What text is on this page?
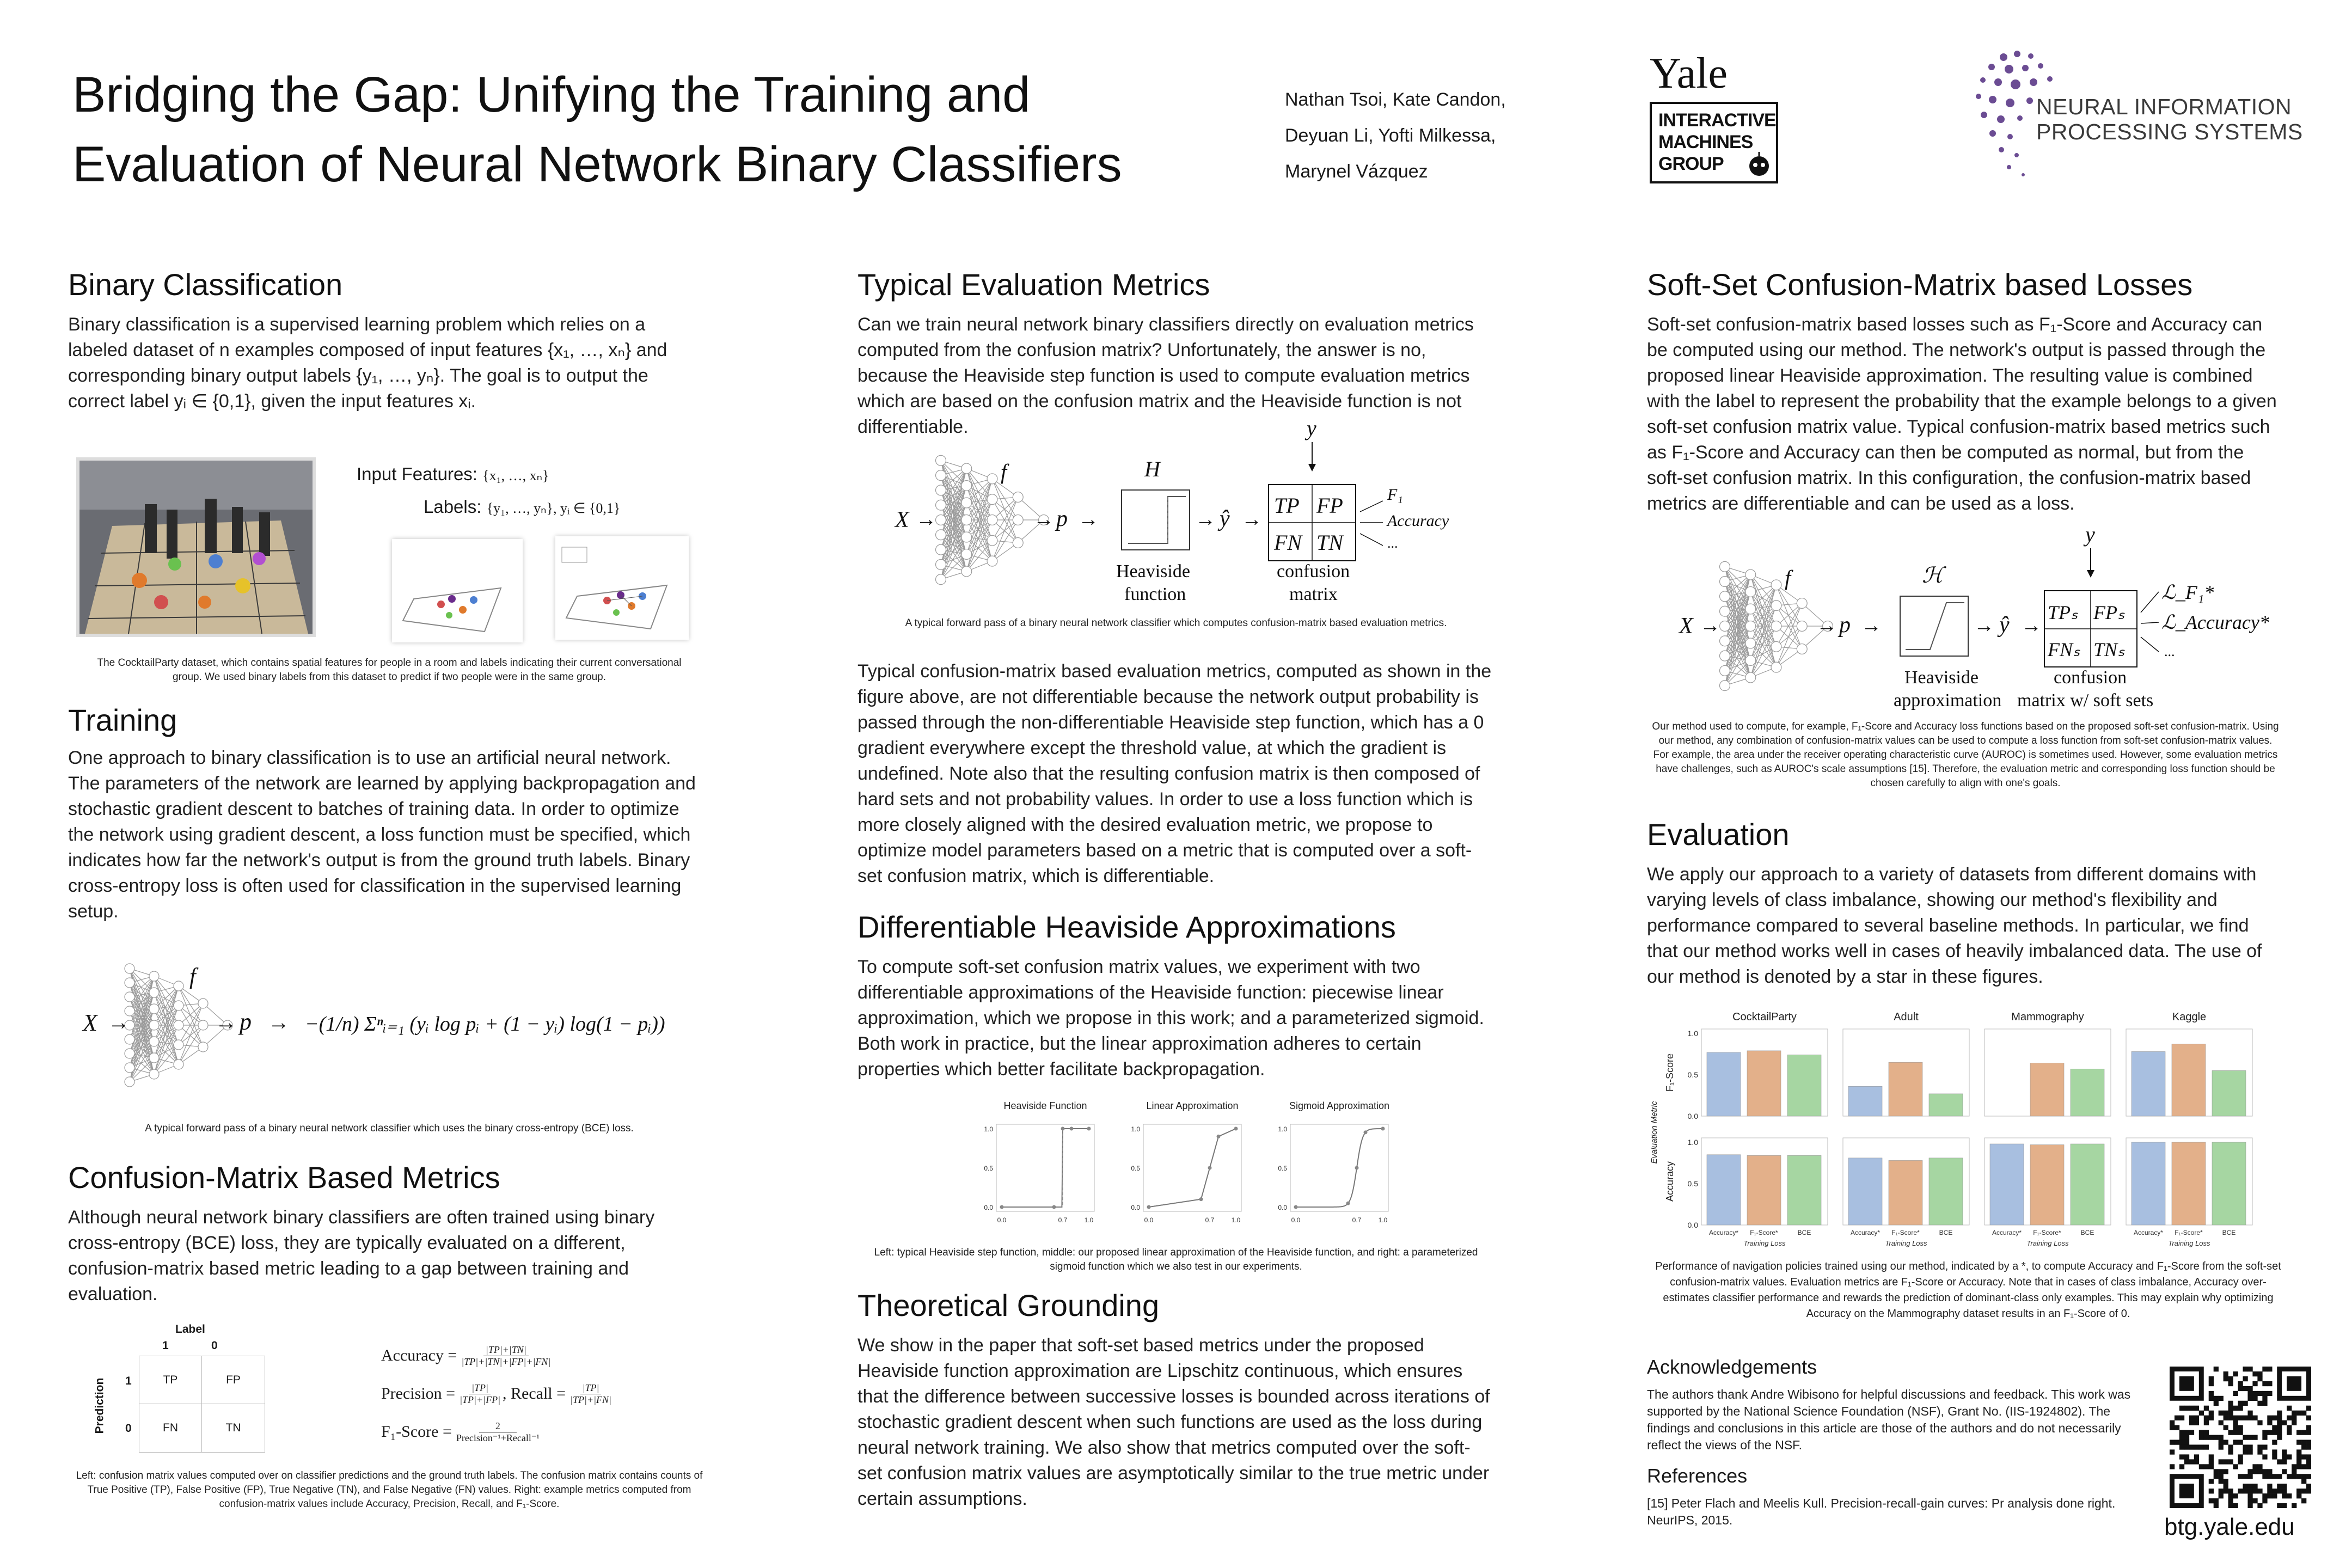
Bridging the Gap: Unifying the Training and
Evaluation of Neural Network Binary Classifiers
Nathan Tsoi, Kate Candon,
Deyuan Li, Yofti Milkessa,
Marynel Vázquez
Yale
INTERACTIVE
MACHINES
GROUP
NEURAL INFORMATION
PROCESSING SYSTEMS
Binary Classification
Binary classification is a supervised learning problem which relies on a labeled dataset of n examples composed of input features {x₁, …, xₙ} and corresponding binary output labels {y₁, …, yₙ}. The goal is to output the correct label yᵢ ∈ {0,1}, given the input features xᵢ.
Input Features: {x₁, …, xₙ}
Labels: {y₁, …, yₙ}, yᵢ ∈ {0,1}
The CocktailParty dataset, which contains spatial features for people in a room and labels indicating their current conversational group. We used binary labels from this dataset to predict if two people were in the same group.
Training
One approach to binary classification is to use an artificial neural network. The parameters of the network are learned by applying backpropagation and stochastic gradient descent to batches of training data. In order to optimize the network using gradient descent, a loss function must be specified, which indicates how far the network's output is from the ground truth labels. Binary cross-entropy loss is often used for classification in the supervised learning setup.
X →
f
→ p → −(1/n) Σⁿᵢ₌₁ (yᵢ log pᵢ + (1 − yᵢ) log(1 − pᵢ))
A typical forward pass of a binary neural network classifier which uses the binary cross-entropy (BCE) loss.
Confusion-Matrix Based Metrics
Although neural network binary classifiers are often trained using binary cross-entropy (BCE) loss, they are typically evaluated on a different, confusion-matrix based metric leading to a gap between training and evaluation.
Label
1	0
Prediction 1
0
TP	FP
FN	TN
Accuracy = $\frac{|TP|+|TN|}{|TP|+|TN|+|FP|+|FN|}$
Precision = $\frac{|TP|}{|TP|+|FP|}$ , Recall = $\frac{|TP|}{|TP|+|FN|}$
F₁-Score =	2
Precision⁻¹+Recall⁻¹
Left: confusion matrix values computed over on classifier predictions and the ground truth labels. The confusion matrix contains counts of True Positive (TP), False Positive (FP), True Negative (TN), and False Negative (FN) values. Right: example metrics computed from confusion-matrix values include Accuracy, Precision, Recall, and F₁-Score.
Typical Evaluation Metrics
Can we train neural network binary classifiers directly on evaluation metrics computed from the confusion matrix? Unfortunately, the answer is no, because the Heaviside step function is used to compute evaluation metrics which are based on the confusion matrix and the Heaviside function is not differentiable.
X →
f
→ p →
H
Heaviside
function
→ ŷ →
y
TP FP
FN TN
confusion
matrix
F₁
Accuracy
...
A typical forward pass of a binary neural network classifier which computes confusion-matrix based evaluation metrics.
Typical confusion-matrix based evaluation metrics, computed as shown in the figure above, are not differentiable because the network output probability is passed through the non-differentiable Heaviside step function, which has a 0 gradient everywhere except the threshold value, at which the gradient is undefined. Note also that the resulting confusion matrix is then composed of hard sets and not probability values. In order to use a loss function which is more closely aligned with the desired evaluation metric, we propose to optimize model parameters based on a metric that is computed over a soft-set confusion matrix, which is differentiable.
Differentiable Heaviside Approximations
To compute soft-set confusion matrix values, we experiment with two differentiable approximations of the Heaviside function: piecewise linear approximation, which we propose in this work; and a parameterized sigmoid. Both work in practice, but the linear approximation adheres to certain properties which better facilitate backpropagation.
Heaviside Function
1.0
0.5
0.0
0.0	0.7	1.0
Linear Approximation
1.0
0.5
0.0
0.0	0.7	1.0
Sigmoid Approximation
1.0
0.5
0.0
0.0	0.7	1.0
Left: typical Heaviside step function, middle: our proposed linear approximation of the Heaviside function, and right: a parameterized sigmoid function which we also test in our experiments.
Theoretical Grounding
We show in the paper that soft-set based metrics under the proposed Heaviside function approximation are Lipschitz continuous, which ensures that the difference between successive losses is bounded across iterations of stochastic gradient descent when such functions are used as the loss during neural network training. We also show that metrics computed over the soft-set confusion matrix values are asymptotically similar to the true metric under certain assumptions.
Soft-Set Confusion-Matrix based Losses
Soft-set confusion-matrix based losses such as F₁-Score and Accuracy can be computed using our method. The network's output is passed through the proposed linear Heaviside approximation. The resulting value is combined with the label to represent the probability that the example belongs to a given soft-set confusion matrix value. Typical confusion-matrix based metrics such as F₁-Score and Accuracy can then be computed as normal, but from the soft-set confusion matrix. In this configuration, the confusion-matrix based metrics are differentiable and can be used as a loss.
X →
f
→ p →
ℋ
Heaviside
approximation
→ ŷ →
y
TPₛ FPₛ
FNₛ TNₛ
confusion
matrix w/ soft sets
ℒ_F₁*
ℒ_Accuracy*
...
Our method used to compute, for example, F₁-Score and Accuracy loss functions based on the proposed soft-set confusion-matrix. Using our method, any combination of confusion-matrix values can be used to compute a loss function from soft-set confusion-matrix values. For example, the area under the receiver operating characteristic curve (AUROC) is sometimes used. However, some evaluation metrics have challenges, such as AUROC's scale assumptions [15]. Therefore, the evaluation metric and corresponding loss function should be chosen carefully to align with one's goals.
Evaluation
We apply our approach to a variety of datasets from different domains with varying levels of class imbalance, showing our method's flexibility and performance compared to several baseline methods. In particular, we find that our method works well in cases of heavily imbalanced data. The use of our method is denoted by a star in these figures.
CocktailParty	Adult	Mammography	Kaggle
Evaluation Metric
F₁-Score
1.0
0.5
0.0
Accuracy
1.0
0.5
0.0
Accuracy* F₁-Score*	BCE
Training Loss
Accuracy* F₁-Score*	BCE
Training Loss
Accuracy* F₁-Score*	BCE
Training Loss
Accuracy* F₁-Score*	BCE
Training Loss
Performance of navigation policies trained using our method, indicated by a *, to compute Accuracy and F₁-Score from the soft-set confusion-matrix values. Evaluation metrics are F₁-Score or Accuracy. Note that in cases of class imbalance, Accuracy over-estimates classifier performance and rewards the prediction of dominant-class only examples. This may explain why optimizing Accuracy on the Mammography dataset results in an F₁-Score of 0.
Acknowledgements
The authors thank Andre Wibisono for helpful discussions and feedback. This work was supported by the National Science Foundation (NSF), Grant No. (IIS-1924802). The findings and conclusions in this article are those of the authors and do not necessarily reflect the views of the NSF.
References
[15] Peter Flach and Meelis Kull. Precision-recall-gain curves: Pr analysis done right. NeurIPS, 2015.	btg.yale.edu
